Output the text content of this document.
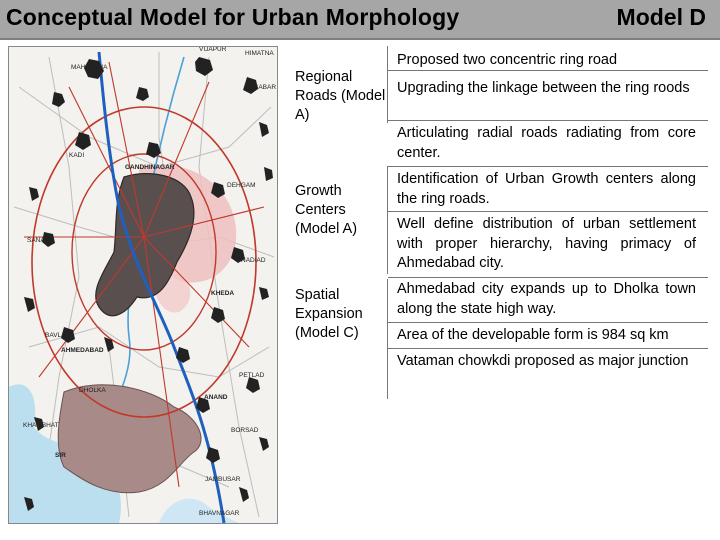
Conceptual Model for Urban Morphology	Model D
MAHESANA
GANDHINAGAR
AHMEDABAD
KHEDA
BAVLA
ANAND
SIR
JAMBUSAR
BHAVNAGAR
HIMATNA
SABAR
VIJAPUR
KADI
DHOLKA
BORSAD
PETLAD
KHAMBHAT
SANAND
DEHGAM
NADIAD
Regional Roads (Model A)
Growth Centers (Model A)
Spatial Expansion (Model C)
Proposed two concentric ring road
Upgrading the linkage between the ring roods
Articulating radial roads radiating from core center.
Identification of Urban Growth centers along the ring roads.
Well define distribution of urban settlement with proper hierarchy, having primacy of Ahmedabad city.
Ahmedabad city expands up to Dholka town along the state high way.
Area of the developable form is 984 sq km
Vataman chowkdi proposed as major junction
